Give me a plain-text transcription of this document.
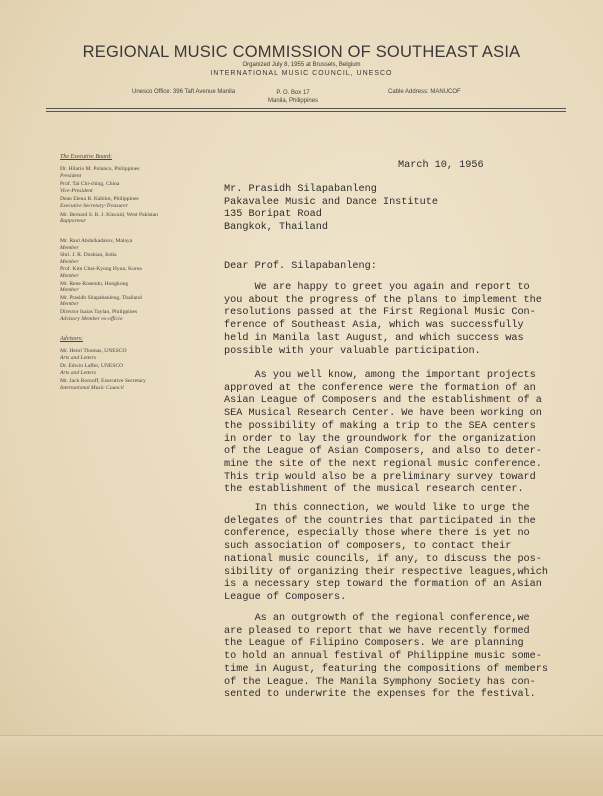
REGIONAL MUSIC COMMISSION OF SOUTHEAST ASIA
Organized July 8, 1955 at Brussels, Belgium
INTERNATIONAL MUSIC COUNCIL, UNESCO
Unesco Office: 396 Taft Avenue Manila	P. O. Box 17
Manila, Philippines
Cable Address: MANUCOF
The Executive Board:
Dr. Hilario M. Polanco, Philippines
President
Prof. Tai Chi-ching, China
Vice-President
Dean Elena B. Kabilot, Philippines
Executive Secretary-Treasurer
Mr. Bernard S. R. J. Kincaid, West Pakistan
Rapporteur
Mr. Raul Abdulkadarov, Malaya
Member
Shri. J. R. Doshian, India
Member
Prof. Kim Chai-Kyong Hyun, Korea
Member
Mr. Rene Rosendo, Hongkong
Member
Mr. Prasidh Silapabanleng, Thailand
Member
Director Isaias Taylan, Philippines
Advisory Member ex-officio
Advisors:
Mr. Henri Thomas, UNESCO
Arts and Letters
Dr. Edwin Laffer, UNESCO
Arts and Letters
Mr. Jack Bornoff, Executive Secretary
International Music Council
March 10, 1956
Mr. Prasidh Silapabanleng
Pakavalee Music and Dance Institute
135 Boripat Road
Bangkok, Thailand
Dear Prof. Silapabanleng:
We are happy to greet you again and report to
you about the progress of the plans to implement the
resolutions passed at the First Regional Music Con-
ference of Southeast Asia, which was successfully
held in Manila last August, and which success was
possible with your valuable participation.
As you well know, among the important projects
approved at the conference were the formation of an
Asian League of Composers and the establishment of a
SEA Musical Research Center. We have been working on
the possibility of making a trip to the SEA centers
in order to lay the groundwork for the organization
of the League of Asian Composers, and also to deter-
mine the site of the next regional music conference.
This trip would also be a preliminary survey toward
the establishment of the musical research center.
In this connection, we would like to urge the
delegates of the countries that participated in the
conference, especially those where there is yet no
such association of composers, to contact their
national music councils, if any, to discuss the pos-
sibility of organizing their respective leagues,which
is a necessary step toward the formation of an Asian
League of Composers.
As an outgrowth of the regional conference,we
are pleased to report that we have recently formed
the League of Filipino Composers. We are planning
to hold an annual festival of Philippine music some-
time in August, featuring the compositions of members
of the League. The Manila Symphony Society has con-
sented to underwrite the expenses for the festival.
